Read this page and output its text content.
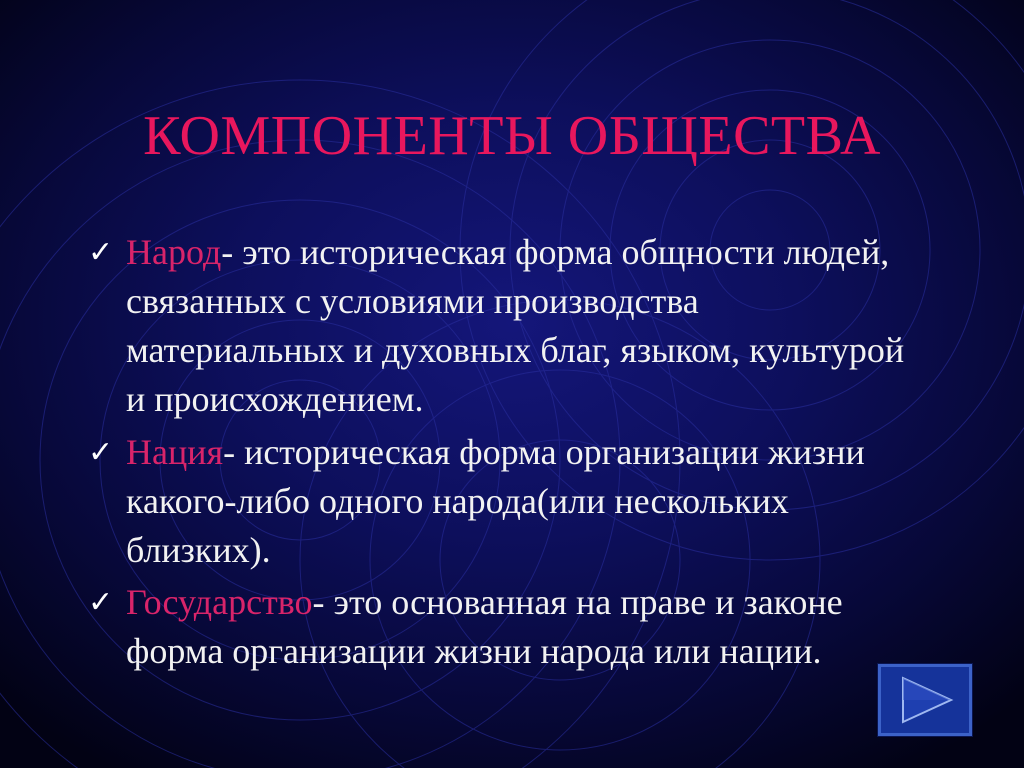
КОМПОНЕНТЫ ОБЩЕСТВА
✓ Народ- это историческая форма общности людей, связанных с условиями производства материальных и духовных благ, языком, культурой и происхождением.
✓ Нация- историческая форма организации жизни какого-либо одного народа(или нескольких близких).
✓ Государство- это основанная на праве и законе форма организации жизни народа или нации.
